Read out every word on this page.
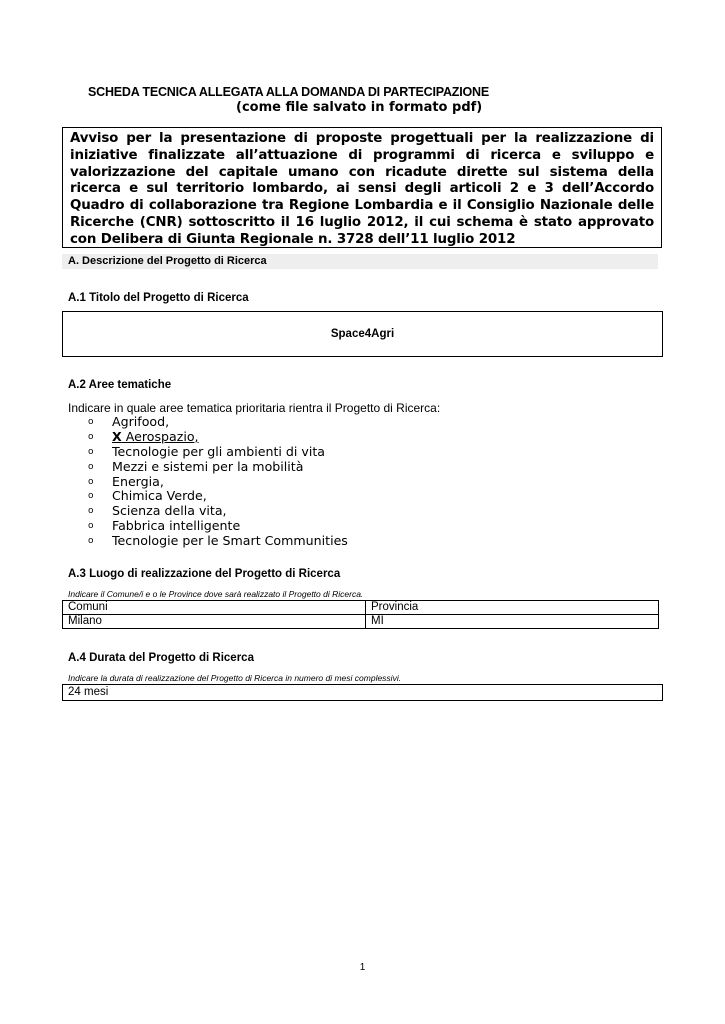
SCHEDA TECNICA ALLEGATA ALLA DOMANDA DI PARTECIPAZIONE
(come file salvato in formato pdf)
Avviso per la presentazione di proposte progettuali per la realizzazione di iniziative finalizzate all’attuazione di programmi di ricerca e sviluppo e valorizzazione del capitale umano con ricadute dirette sul sistema della ricerca e sul territorio lombardo, ai sensi degli articoli 2 e 3 dell’Accordo Quadro di collaborazione tra Regione Lombardia e il Consiglio Nazionale delle Ricerche (CNR) sottoscritto il 16 luglio 2012, il cui schema è stato approvato con Delibera di Giunta Regionale n. 3728 dell’11 luglio 2012
A. Descrizione del Progetto di Ricerca
A.1 Titolo del Progetto di Ricerca
Space4Agri
A.2 Aree tematiche
Indicare in quale aree tematica prioritaria rientra il Progetto di Ricerca:
o Agrifood,
o X Aerospazio,
o Tecnologie per gli ambienti di vita
o Mezzi e sistemi per la mobilità
o Energia,
o Chimica Verde,
o Scienza della vita,
o Fabbrica intelligente
o Tecnologie per le Smart Communities
A.3 Luogo di realizzazione del Progetto di Ricerca
Indicare il Comune/i e o le Province dove sarà realizzato il Progetto di Ricerca.
Comuni	Provincia
Milano	MI
A.4 Durata del Progetto di Ricerca
Indicare la durata di realizzazione del Progetto di Ricerca in numero di mesi complessivi.
24 mesi
1
